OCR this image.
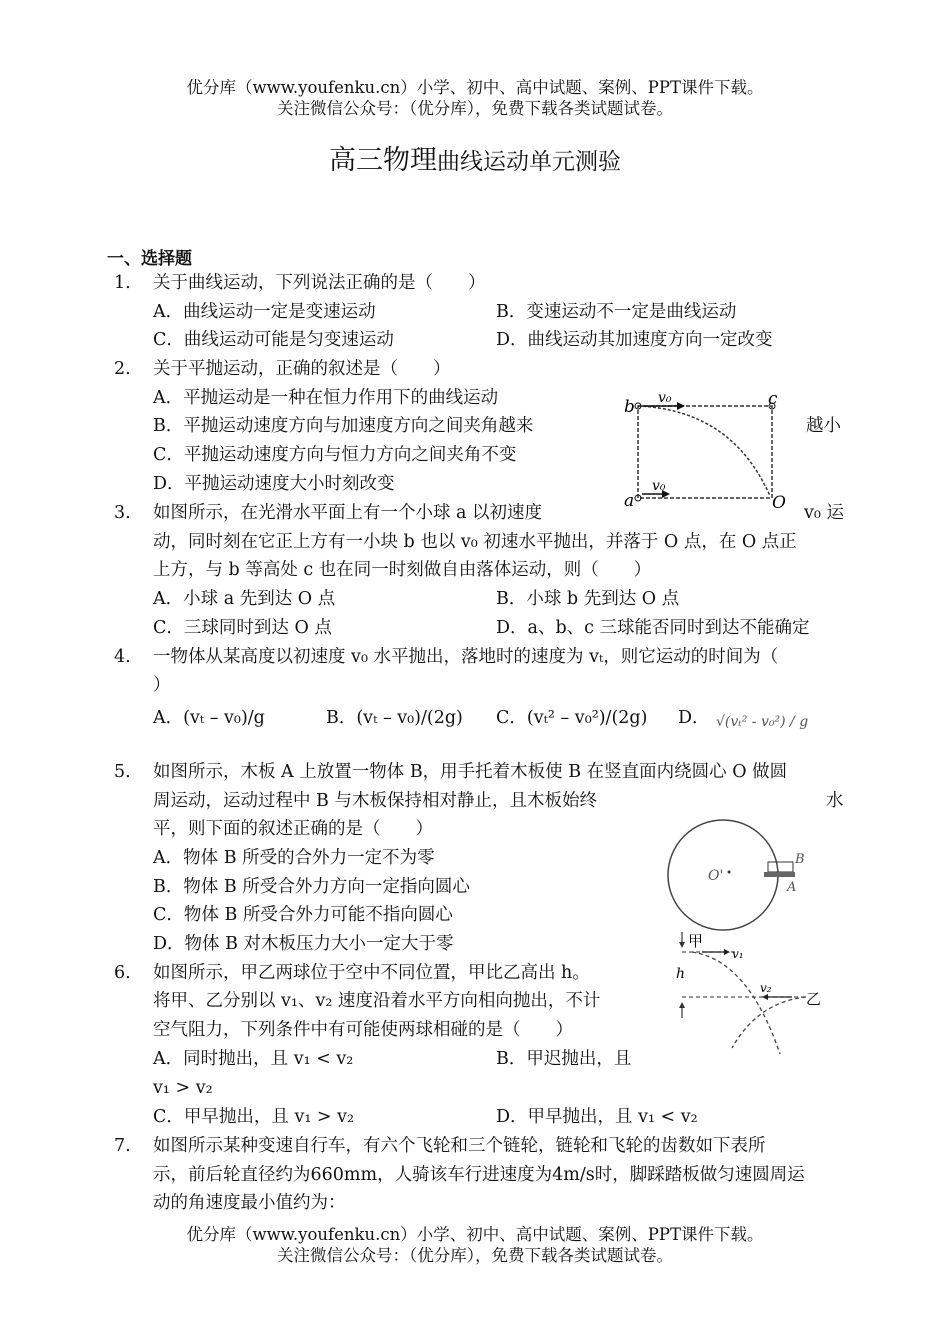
优分库（www.youfenku.cn）小学、初中、高中试题、案例、PPT课件下载。
关注微信公众号：（优分库），免费下载各类试题试卷。
高三物理曲线运动单元测验
一、选择题
1. 关于曲线运动，下列说法正确的是（　　）
A．曲线运动一定是变速运动	B．变速运动不一定是曲线运动
C．曲线运动可能是匀变速运动	D．曲线运动其加速度方向一定改变
2. 关于平抛运动，正确的叙述是（　　）
A．平抛运动是一种在恒力作用下的曲线运动
B．平抛运动速度方向与加速度方向之间夹角越来	越小
C．平抛运动速度方向与恒力方向之间夹角不变
D．平抛运动速度大小时刻改变
b	c
a	O
v₀
v₀
3. 如图所示，在光滑水平面上有一个小球 a 以初速度	v₀ 运
动，同时刻在它正上方有一小块 b 也以 v₀ 初速水平抛出，并落于 O 点，在 O 点正
上方，与 b 等高处 c 也在同一时刻做自由落体运动，则（　　）
A．小球 a 先到达 O 点	B．小球 b 先到达 O 点
C．三球同时到达 O 点	D．a、b、c 三球能否同时到达不能确定
4. 一物体从某高度以初速度 v₀ 水平抛出，落地时的速度为 vₜ，则它运动的时间为（
）
A．(vₜ – v₀)/g	B．(vₜ – v₀)/(2g) C．(vₜ² – v₀²)/(2g) D． √(vₜ² - v₀²) / g
5. 如图所示，木板 A 上放置一物体 B，用手托着木板使 B 在竖直面内绕圆心 O 做圆
周运动，运动过程中 B 与木板保持相对静止，且木板始终	水
平，则下面的叙述正确的是（　　）
A．物体 B 所受的合外力一定不为零
B．物体 B 所受合外力方向一定指向圆心
C．物体 B 所受合外力可能不指向圆心
D．物体 B 对木板压力大小一定大于零
O'
B
A
甲
v₁
h
v₂
乙
6. 如图所示，甲乙两球位于空中不同位置，甲比乙高出 h。
将甲、乙分别以 v₁、v₂ 速度沿着水平方向相向抛出，不计
空气阻力，下列条件中有可能使两球相碰的是（　　）
A．同时抛出，且 v₁ < v₂	B．甲迟抛出，且
v₁ > v₂
C．甲早抛出，且 v₁ > v₂	D．甲早抛出，且 v₁ < v₂
7. 如图所示某种变速自行车，有六个飞轮和三个链轮，链轮和飞轮的齿数如下表所
示，前后轮直径约为660mm，人骑该车行进速度为4m/s时，脚踩踏板做匀速圆周运
动的角速度最小值约为：
优分库（www.youfenku.cn）小学、初中、高中试题、案例、PPT课件下载。
关注微信公众号：（优分库），免费下载各类试题试卷。
